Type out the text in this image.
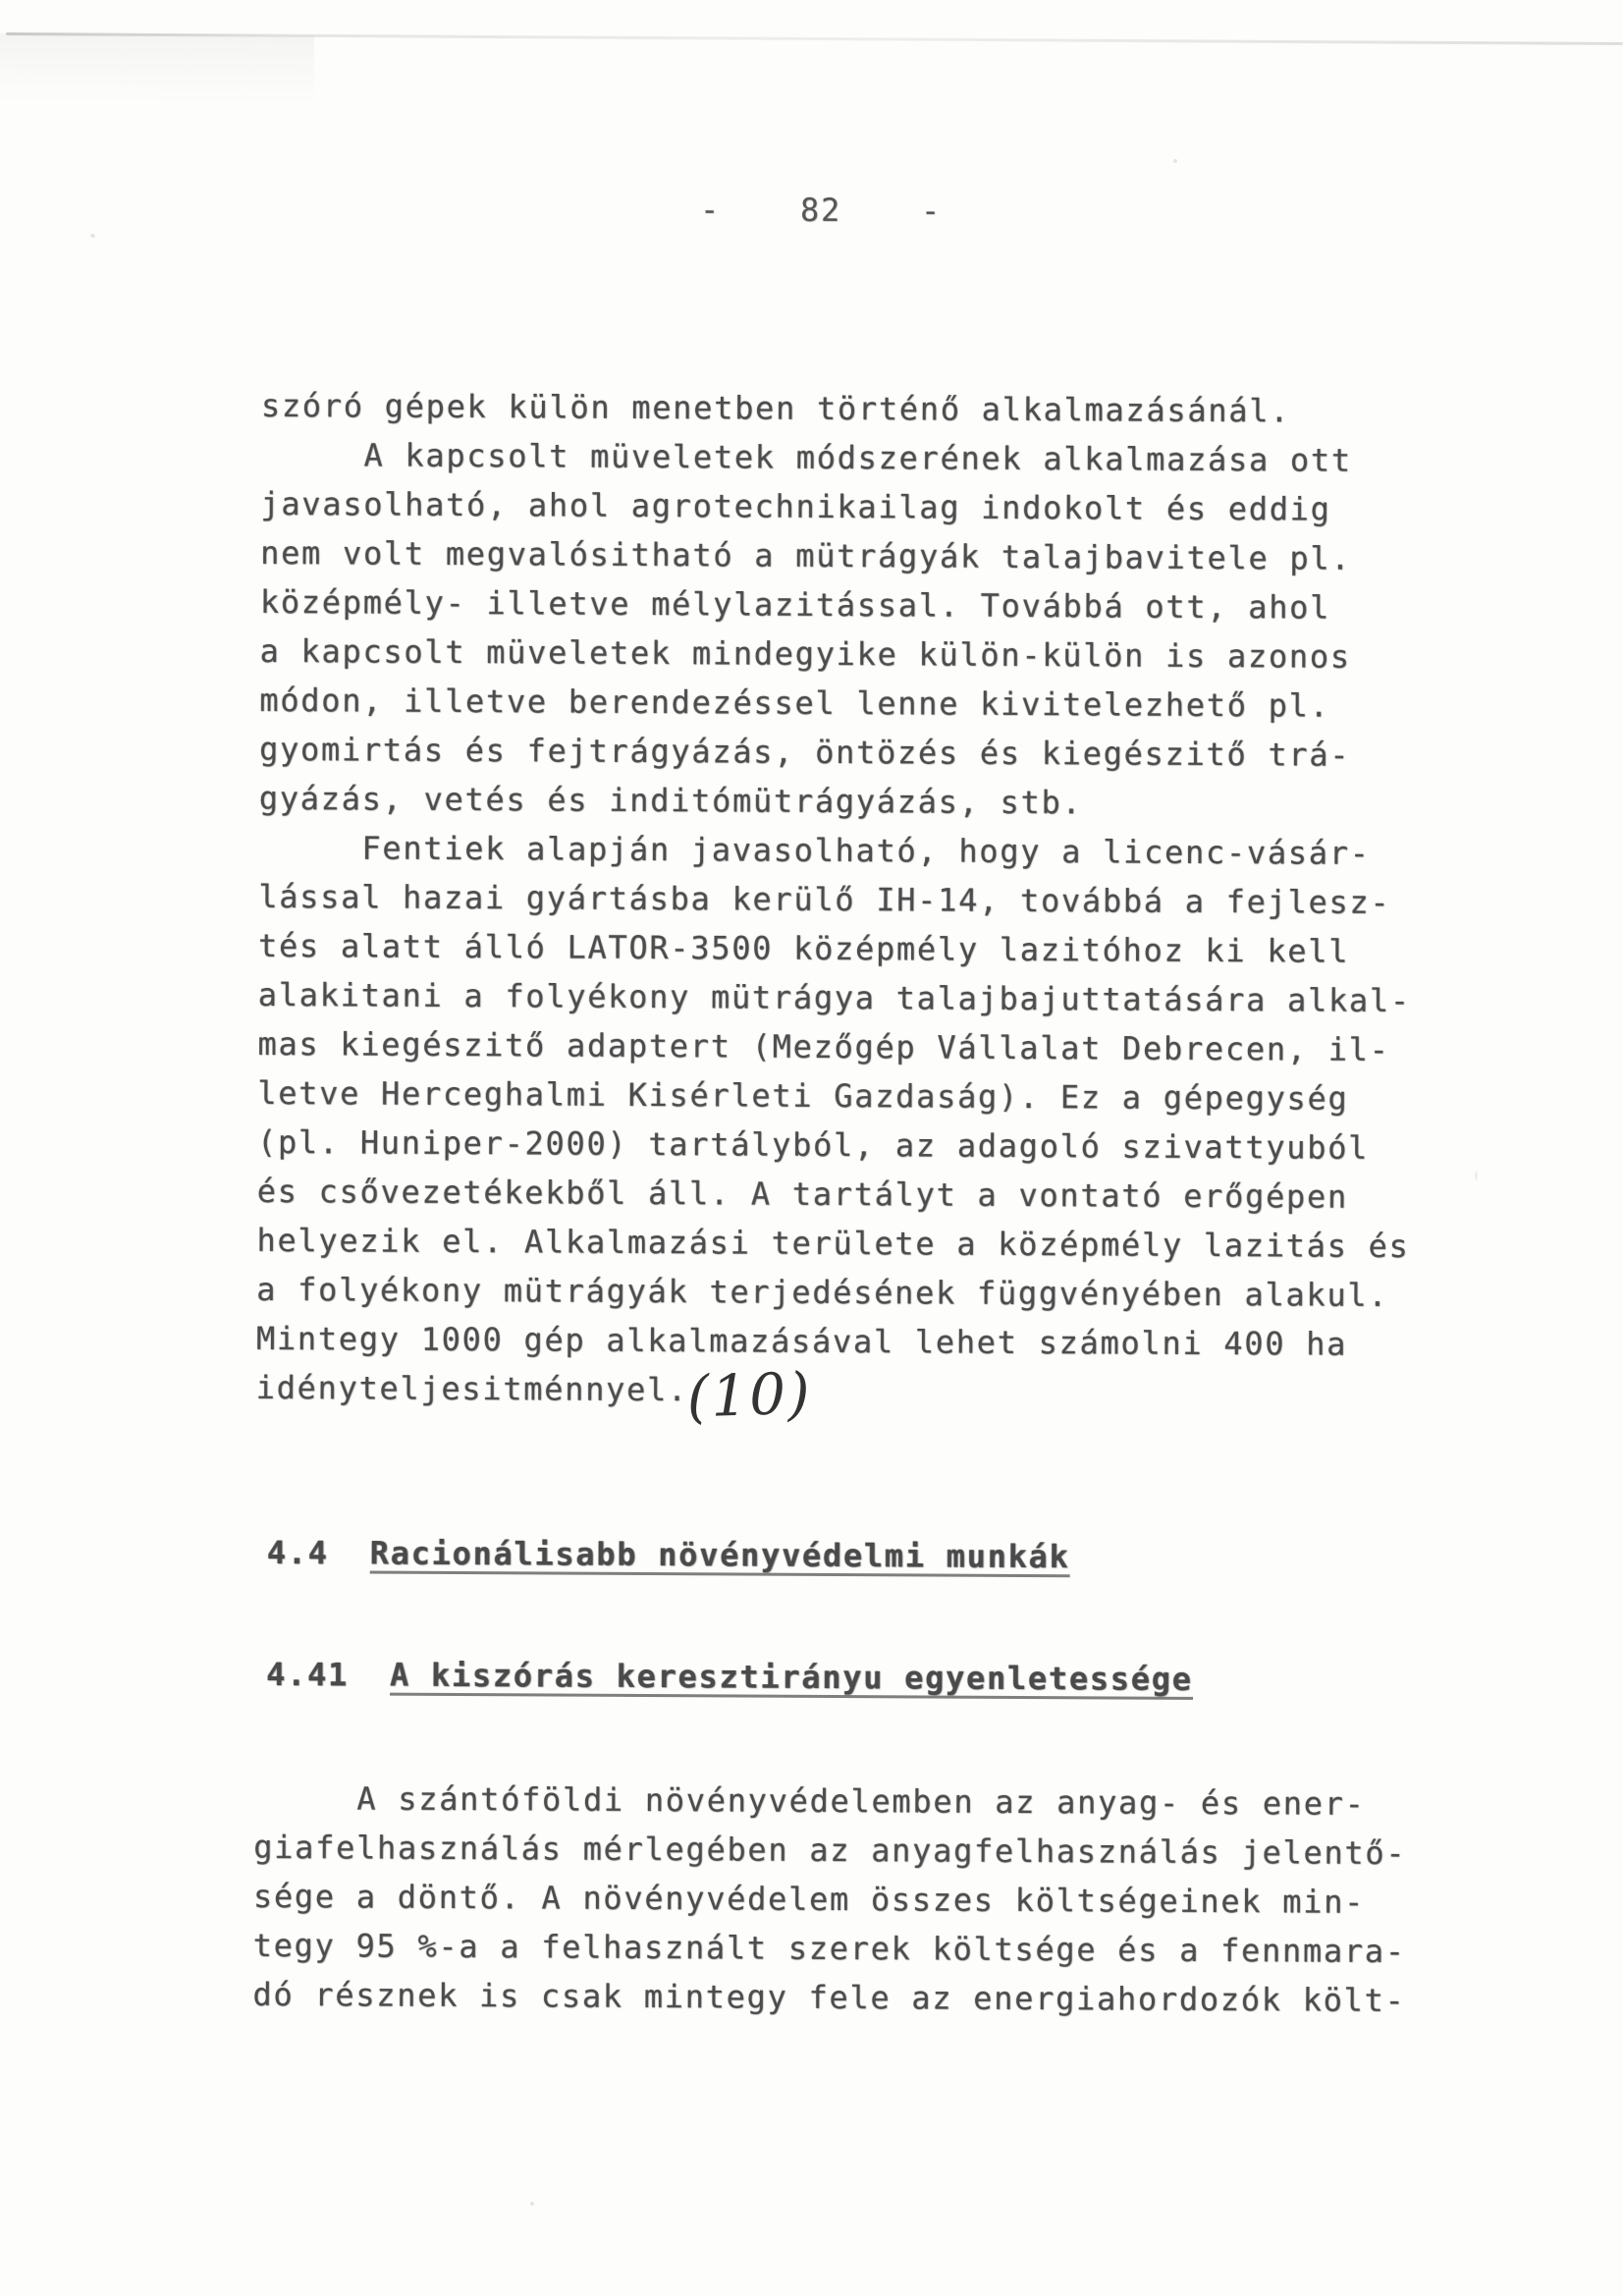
-	82	-
szóró gépek külön menetben történő alkalmazásánál.
A kapcsolt müveletek módszerének alkalmazása ott
javasolható, ahol agrotechnikailag indokolt és eddig
nem volt megvalósitható a mütrágyák talajbavitele pl.
középmély- illetve mélylazitással. Továbbá ott, ahol
a kapcsolt müveletek mindegyike külön-külön is azonos
módon, illetve berendezéssel lenne kivitelezhető pl.
gyomirtás és fejtrágyázás, öntözés és kiegészitő trá-
gyázás, vetés és inditómütrágyázás, stb.
Fentiek alapján javasolható, hogy a licenc-vásár-
lással hazai gyártásba kerülő IH-14, továbbá a fejlesz-
tés alatt álló LATOR-3500 középmély lazitóhoz ki kell
alakitani a folyékony mütrágya talajbajuttatására alkal-
mas kiegészitő adaptert (Mezőgép Vállalat Debrecen, il-
letve Herceghalmi Kisérleti Gazdaság). Ez a gépegység
(pl. Huniper-2000) tartályból, az adagoló szivattyuból
és csővezetékekből áll. A tartályt a vontató erőgépen
helyezik el. Alkalmazási területe a középmély lazitás és
a folyékony mütrágyák terjedésének függvényében alakul.
Mintegy 1000 gép alkalmazásával lehet számolni 400 ha
idényteljesitménnyel.
(10)
4.4 Racionálisabb növényvédelmi munkák
4.41 A kiszórás keresztirányu egyenletessége
A szántóföldi növényvédelemben az anyag- és ener-
giafelhasználás mérlegében az anyagfelhasználás jelentő-
sége a döntő. A növényvédelem összes költségeinek min-
tegy 95 %-a a felhasznált szerek költsége és a fennmara-
dó résznek is csak mintegy fele az energiahordozók költ-
